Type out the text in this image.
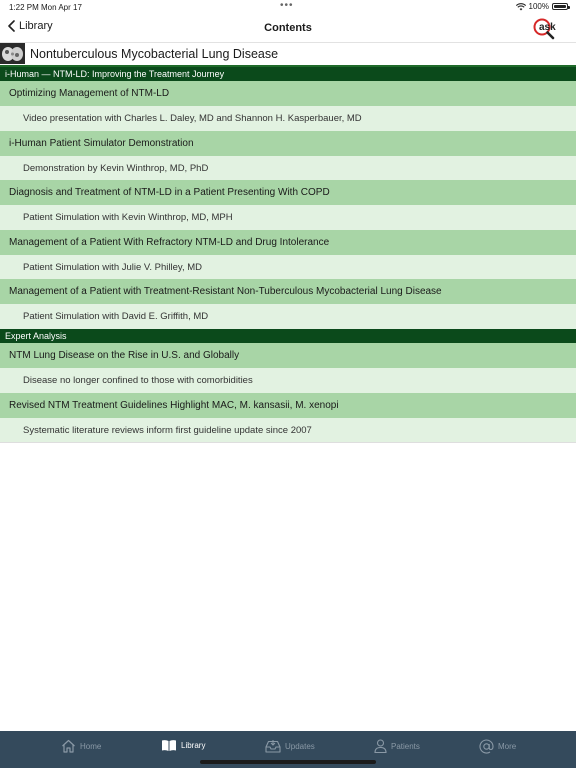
1:22 PM Mon Apr 17	•••	100%
Library	Contents	ask
Nontuberculous Mycobacterial Lung Disease
i-Human — NTM-LD: Improving the Treatment Journey
Optimizing Management of NTM-LD
Video presentation with Charles L. Daley, MD and Shannon H. Kasperbauer, MD
i-Human Patient Simulator Demonstration
Demonstration by Kevin Winthrop, MD, PhD
Diagnosis and Treatment of NTM-LD in a Patient Presenting With COPD
Patient Simulation with Kevin Winthrop, MD, MPH
Management of a Patient With Refractory NTM-LD and Drug Intolerance
Patient Simulation with Julie V. Philley, MD
Management of a Patient with Treatment-Resistant Non-Tuberculous Mycobacterial Lung Disease
Patient Simulation with David E. Griffith, MD
Expert Analysis
NTM Lung Disease on the Rise in U.S. and Globally
Disease no longer confined to those with comorbidities
Revised NTM Treatment Guidelines Highlight MAC, M. kansasii, M. xenopi
Systematic literature reviews inform first guideline update since 2007
Home	Library	Updates	Patients	More
